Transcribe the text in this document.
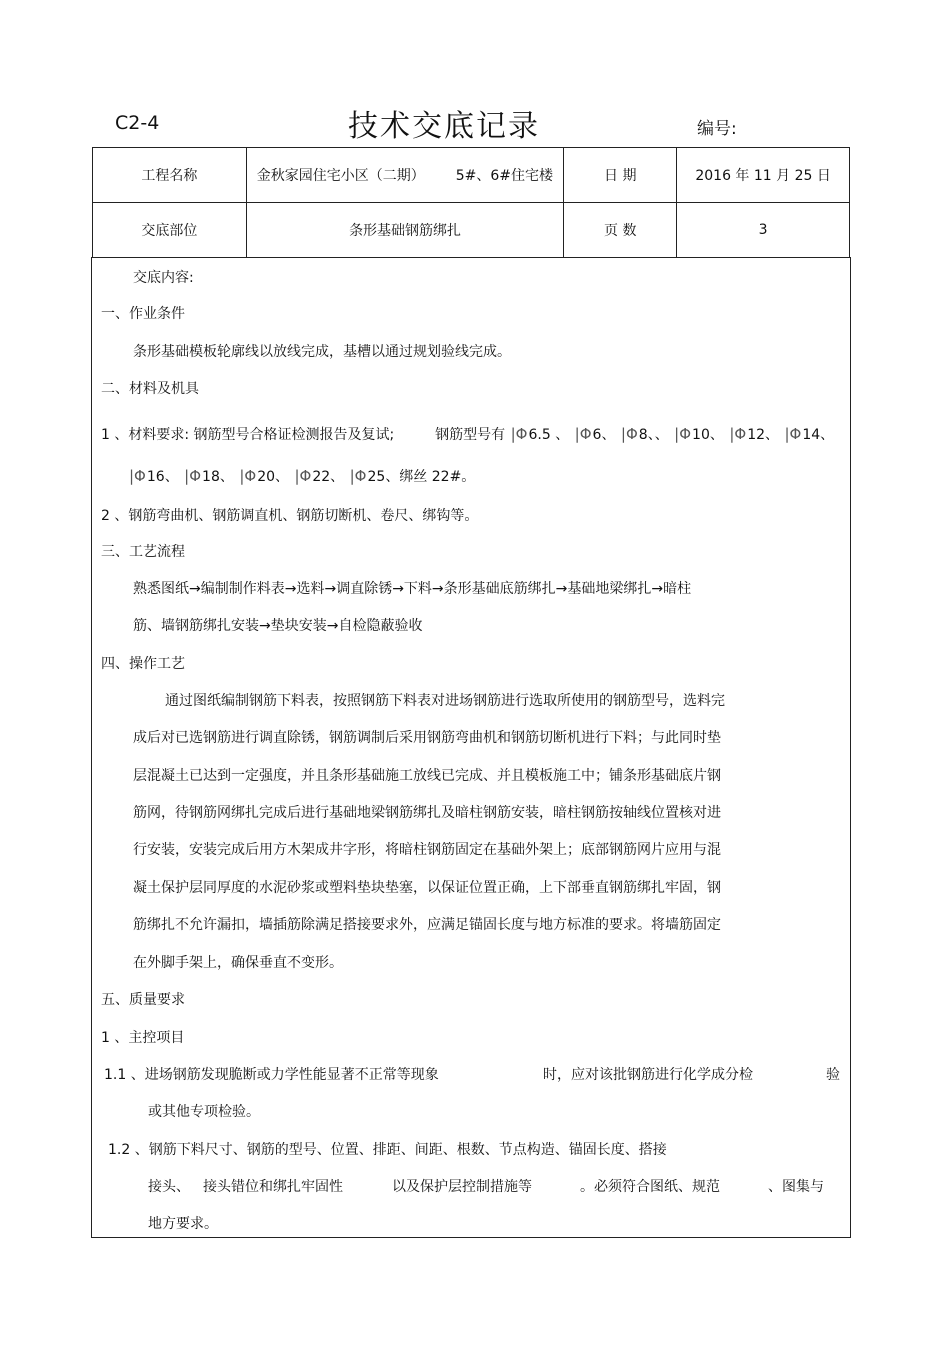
C2-4	技术交底记录	编号:
工程名称	金秋家园住宅小区（二期） 5#、6#住宅楼	日 期	2016 年 11 月 25 日
交底部位	条形基础钢筋绑扎	页 数	3
交底内容:
一、作业条件
条形基础模板轮廓线以放线完成，基槽以通过规划验线完成。
二、材料及机具
1 、材料要求: 钢筋型号合格证检测报告及复试;	钢筋型号有 |Φ6.5 、 |Φ6、 |Φ8、、 |Φ10、 |Φ12、 |Φ14、
|Φ16、 |Φ18、 |Φ20、 |Φ22、 |Φ25、绑丝 22#。
2 、钢筋弯曲机、钢筋调直机、钢筋切断机、卷尺、绑钩等。
三、工艺流程
熟悉图纸→编制制作料表→选料→调直除锈→下料→条形基础底筋绑扎→基础地梁绑扎→暗柱
筋、墙钢筋绑扎安装→垫块安装→自检隐蔽验收
四、操作工艺
通过图纸编制钢筋下料表，按照钢筋下料表对进场钢筋进行选取所使用的钢筋型号，选料完
成后对已选钢筋进行调直除锈，钢筋调制后采用钢筋弯曲机和钢筋切断机进行下料；与此同时垫
层混凝土已达到一定强度，并且条形基础施工放线已完成、并且模板施工中；铺条形基础底片钢
筋网，待钢筋网绑扎完成后进行基础地梁钢筋绑扎及暗柱钢筋安装，暗柱钢筋按轴线位置核对进
行安装，安装完成后用方木架成井字形，将暗柱钢筋固定在基础外架上；底部钢筋网片应用与混
凝土保护层同厚度的水泥砂浆或塑料垫块垫塞，以保证位置正确，上下部垂直钢筋绑扎牢固，钢
筋绑扎不允许漏扣，墙插筋除满足搭接要求外，应满足锚固长度与地方标准的要求。将墙筋固定
在外脚手架上，确保垂直不变形。
五、质量要求
1 、主控项目
1.1 、进场钢筋发现脆断或力学性能显著不正常等现象	时，应对该批钢筋进行化学成分检	验
或其他专项检验。
1.2 、钢筋下料尺寸、钢筋的型号、位置、排距、间距、根数、节点构造、锚固长度、搭接
接头、 接头错位和绑扎牢固性	以及保护层控制措施等	。必须符合图纸、规范	、图集与
地方要求。
